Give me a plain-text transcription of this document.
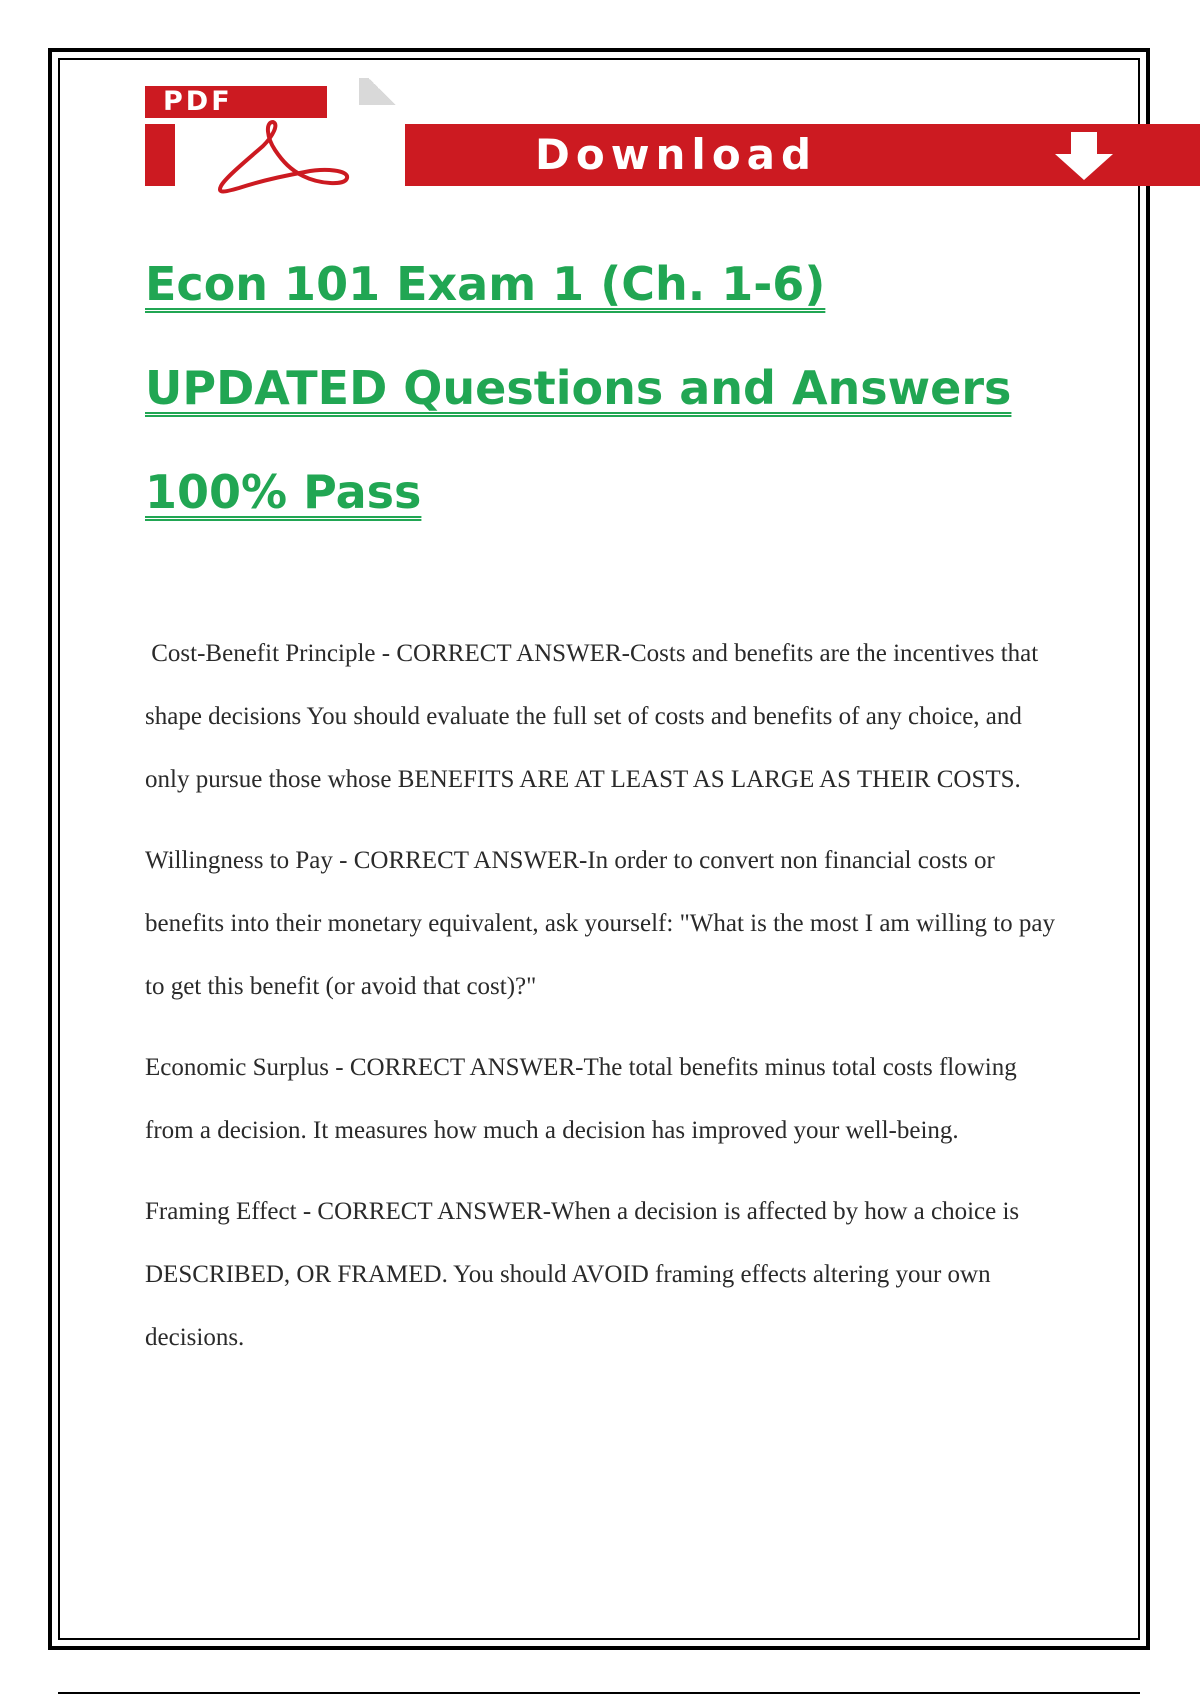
PDF
Download
Econ 101 Exam 1 (Ch. 1-6)
UPDATED Questions and Answers
100% Pass

Cost-Benefit Principle - CORRECT ANSWER-Costs and benefits are the incentives that shape decisions You should evaluate the full set of costs and benefits of any choice, and only pursue those whose BENEFITS ARE AT LEAST AS LARGE AS THEIR COSTS.

Willingness to Pay - CORRECT ANSWER-In order to convert non financial costs or benefits into their monetary equivalent, ask yourself: "What is the most I am willing to pay to get this benefit (or avoid that cost)?"

Economic Surplus - CORRECT ANSWER-The total benefits minus total costs flowing from a decision. It measures how much a decision has improved your well-being.

Framing Effect - CORRECT ANSWER-When a decision is affected by how a choice is DESCRIBED, OR FRAMED. You should AVOID framing effects altering your own decisions.
